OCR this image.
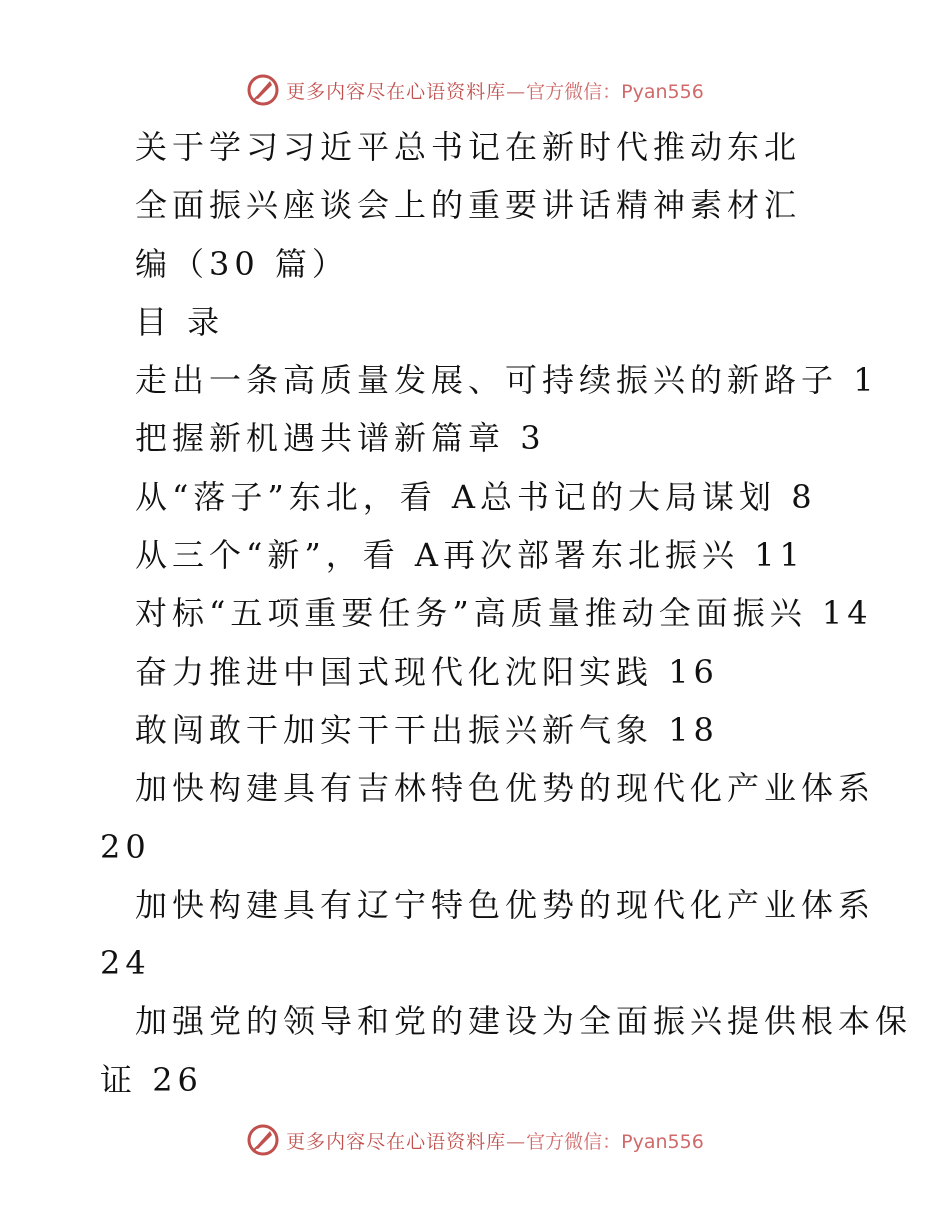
更多内容尽在心语资料库—官方微信：Pyan556
关于学习习近平总书记在新时代推动东北
全面振兴座谈会上的重要讲话精神素材汇
编（30 篇）
目 录
走出一条高质量发展、可持续振兴的新路子 1
把握新机遇共谱新篇章 3
从“落子”东北，看 A总书记的大局谋划 8
从三个“新”，看 A再次部署东北振兴 11
对标“五项重要任务”高质量推动全面振兴 14
奋力推进中国式现代化沈阳实践 16
敢闯敢干加实干干出振兴新气象 18
加快构建具有吉林特色优势的现代化产业体系
20
加快构建具有辽宁特色优势的现代化产业体系
24
加强党的领导和党的建设为全面振兴提供根本保
证 26
更多内容尽在心语资料库—官方微信：Pyan556
